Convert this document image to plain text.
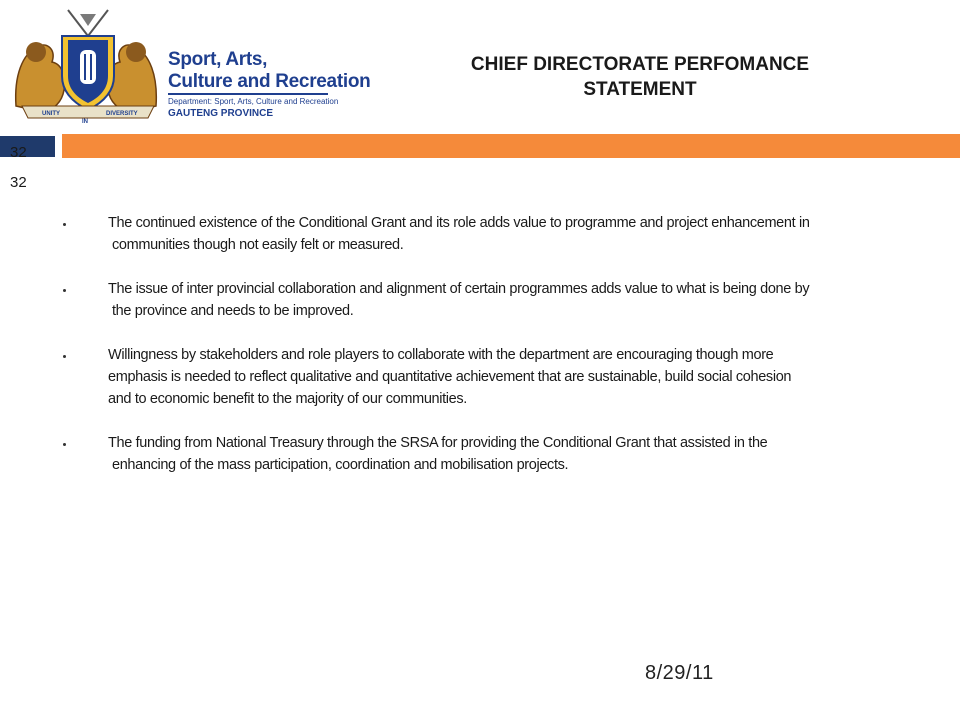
UNITY
IN
DIVERSITY
Sport, Arts,
Culture and Recreation
Department: Sport, Arts, Culture and Recreation
GAUTENG PROVINCE
CHIEF DIRECTORATE PERFOMANCE
STATEMENT
32
32
The continued existence of the Conditional Grant and its role adds value to programme and project enhancement in
communities though not easily felt or measured.
The issue of inter provincial collaboration and alignment of certain programmes adds value to what is being done by
the province and needs to be improved.
Willingness by stakeholders and role players to collaborate with the department are encouraging though more
emphasis is needed to reflect qualitative and quantitative achievement that are sustainable, build social cohesion
and to economic benefit to the majority of our communities.
The funding from National Treasury through the SRSA for providing the Conditional Grant that assisted in the
enhancing of the mass participation, coordination and mobilisation projects.
8/29/11
